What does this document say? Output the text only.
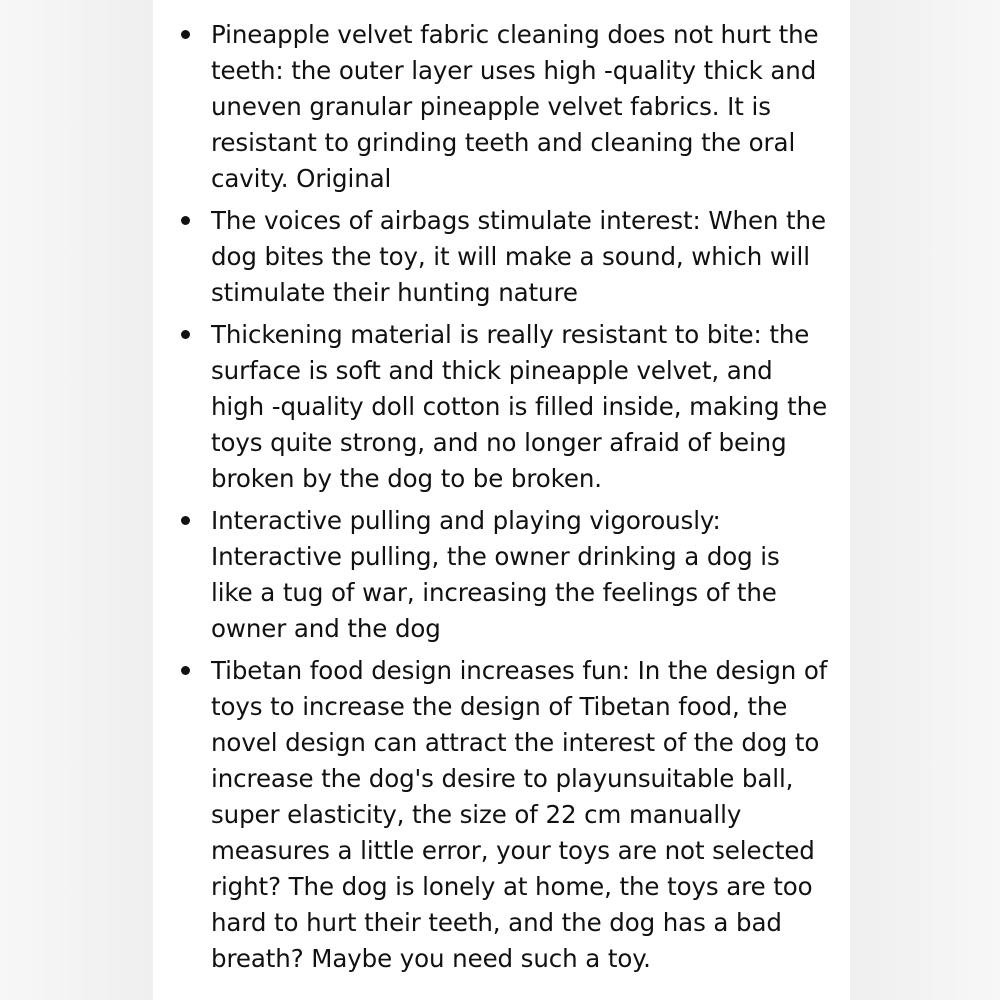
Pineapple velvet fabric cleaning does not hurt the teeth: the outer layer uses high -quality thick and uneven granular pineapple velvet fabrics. It is resistant to grinding teeth and cleaning the oral cavity. Original
The voices of airbags stimulate interest: When the dog bites the toy, it will make a sound, which will stimulate their hunting nature
Thickening material is really resistant to bite: the surface is soft and thick pineapple velvet, and high -quality doll cotton is filled inside, making the toys quite strong, and no longer afraid of being broken by the dog to be broken.
Interactive pulling and playing vigorously: Interactive pulling, the owner drinking a dog is like a tug of war, increasing the feelings of the owner and the dog
Tibetan food design increases fun: In the design of toys to increase the design of Tibetan food, the novel design can attract the interest of the dog to increase the dog's desire to playunsuitable ball, super elasticity, the size of 22 cm manually measures a little error, your toys are not selected right? The dog is lonely at home, the toys are too hard to hurt their teeth, and the dog has a bad breath? Maybe you need such a toy.
